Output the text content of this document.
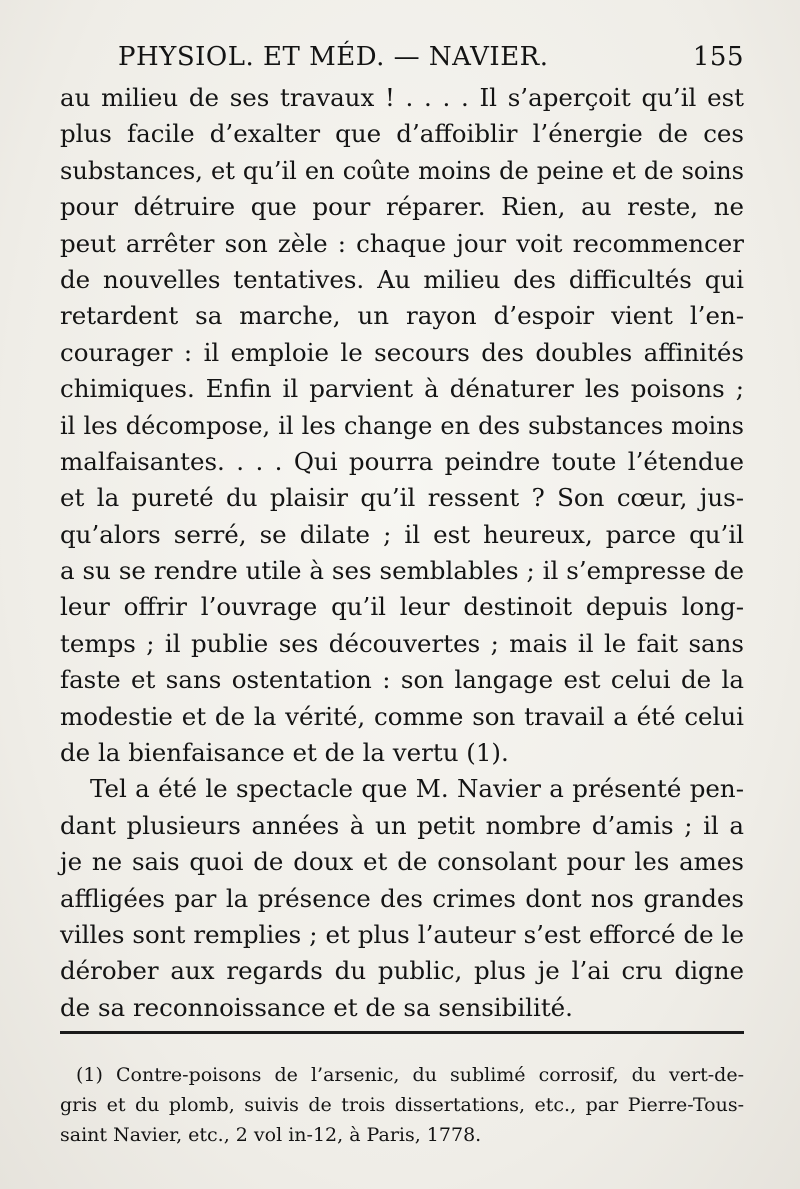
PHYSIOL. ET MÉD. — NAVIER.	155
au milieu de ses travaux ! . . . . Il s’aperçoit qu’il est
plus facile d’exalter que d’affoiblir l’énergie de ces
substances, et qu’il en coûte moins de peine et de soins
pour détruire que pour réparer. Rien, au reste, ne
peut arrêter son zèle : chaque jour voit recommencer
de nouvelles tentatives. Au milieu des difficultés qui
retardent sa marche, un rayon d’espoir vient l’en-
courager : il emploie le secours des doubles affinités
chimiques. Enfin il parvient à dénaturer les poisons ;
il les décompose, il les change en des substances moins
malfaisantes. . . . Qui pourra peindre toute l’étendue
et la pureté du plaisir qu’il ressent ? Son cœur, jus-
qu’alors serré, se dilate ; il est heureux, parce qu’il
a su se rendre utile à ses semblables ; il s’empresse de
leur offrir l’ouvrage qu’il leur destinoit depuis long-
temps ; il publie ses découvertes ; mais il le fait sans
faste et sans ostentation : son langage est celui de la
modestie et de la vérité, comme son travail a été celui
de la bienfaisance et de la vertu (1).
Tel a été le spectacle que M. Navier a présenté pen-
dant plusieurs années à un petit nombre d’amis ; il a
je ne sais quoi de doux et de consolant pour les ames
affligées par la présence des crimes dont nos grandes
villes sont remplies ; et plus l’auteur s’est efforcé de le
dérober aux regards du public, plus je l’ai cru digne
de sa reconnoissance et de sa sensibilité.
(1) Contre-poisons de l’arsenic, du sublimé corrosif, du vert-de-
gris et du plomb, suivis de trois dissertations, etc., par Pierre-Tous-
saint Navier, etc., 2 vol in-12, à Paris, 1778.
